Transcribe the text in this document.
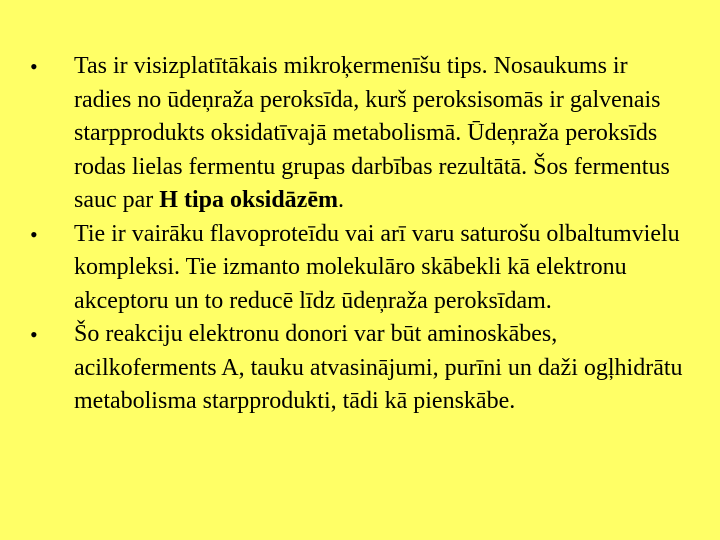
•	Tas ir visizplatītākais mikroķermenīšu tips. Nosaukums ir radies no ūdeņraža peroksīda, kurš peroksisomās ir galvenais starpprodukts oksidatīvajā metabolismā. Ūdeņraža peroksīds rodas lielas fermentu grupas darbības rezultātā. Šos fermentus sauc par H tipa oksidāzēm.
•	Tie ir vairāku flavoproteīdu vai arī varu saturošu olbaltumvielu kompleksi. Tie izmanto molekulāro skābekli kā elektronu akceptoru un to reducē līdz ūdeņraža peroksīdam.
•	Šo reakciju elektronu donori var būt aminoskābes, acilkoferments A, tauku atvasinājumi, purīni un daži ogļhidrātu metabolisma starpprodukti, tādi kā pienskābe.
